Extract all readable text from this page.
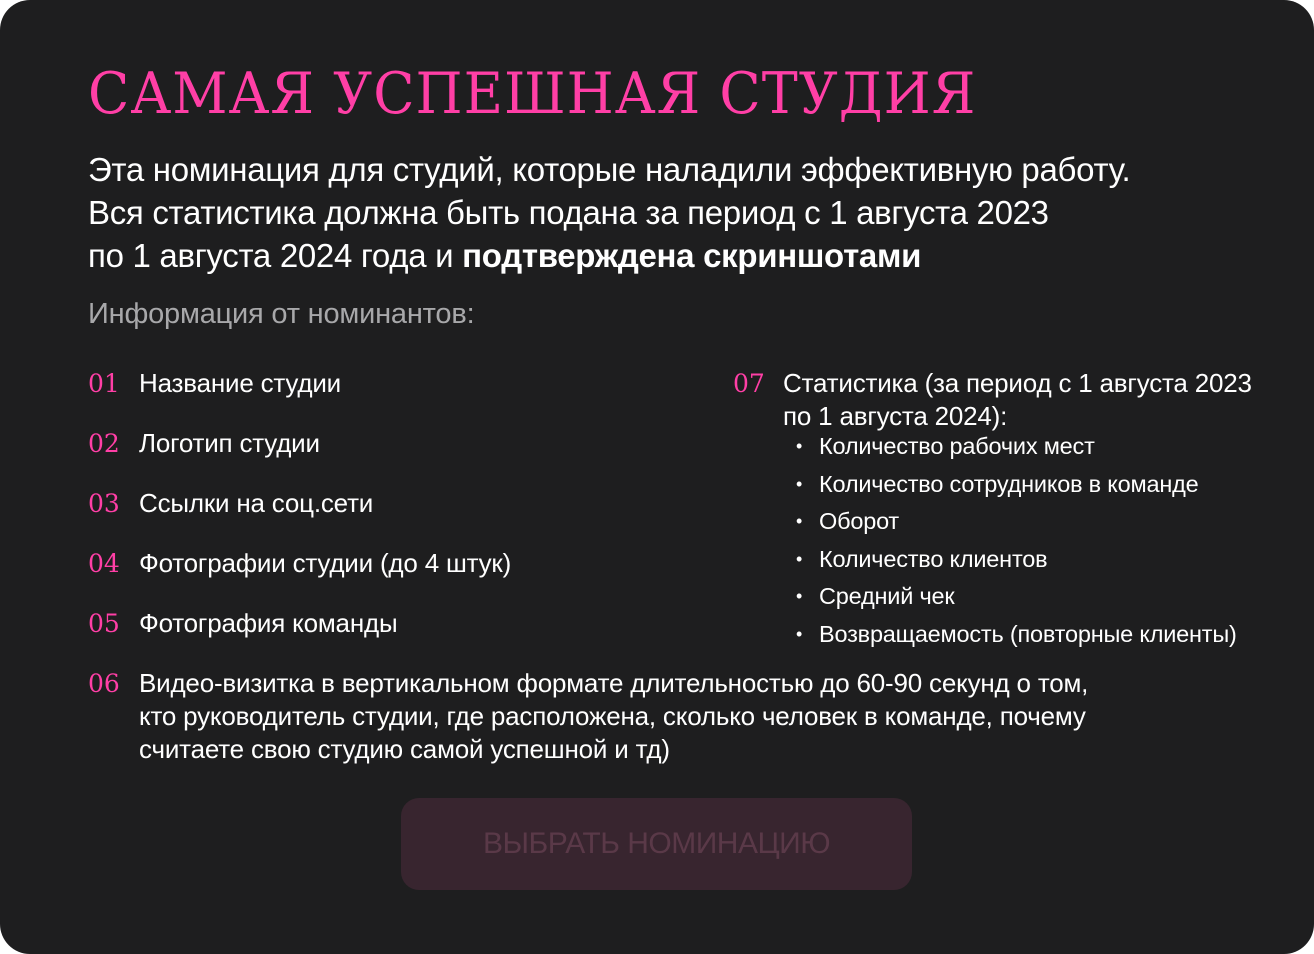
САМАЯ УСПЕШНАЯ СТУДИЯ

Эта номинация для студий, которые наладили эффективную работу.
Вся статистика должна быть подана за период с 1 августа 2023
по 1 августа 2024 года и подтверждена скриншотами

Информация от номинантов:
01 Название студии
02 Логотип студии
03 Ссылки на соц.сети
04 Фотографии студии (до 4 штук)
05 Фотография команды
06 Видео-визитка в вертикальном формате длительностью до 60-90 секунд о том,
кто руководитель студии, где расположена, сколько человек в команде, почему
считаете свою студию самой успешной и тд)
07 Статистика (за период с 1 августа 2023
по 1 августа 2024):
• Количество рабочих мест
• Количество сотрудников в команде
• Оборот
• Количество клиентов
• Средний чек
• Возвращаемость (повторные клиенты)
ВЫБРАТЬ НОМИНАЦИЮ
